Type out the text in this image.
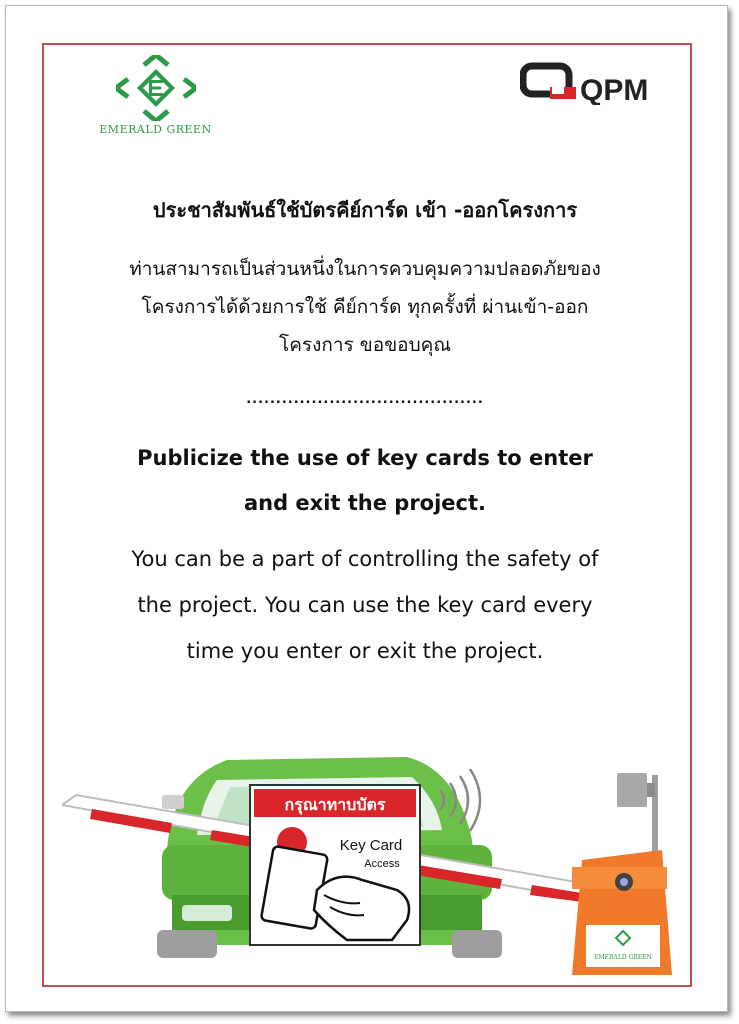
EMERALD GREEN
QPM
ประชาสัมพันธ์ใช้บัตรคีย์การ์ด เข้า -ออกโครงการ
ท่านสามารถเป็นส่วนหนึ่งในการควบคุมความปลอดภัยของ
โครงการได้ด้วยการใช้ คีย์การ์ด ทุกครั้งที่ ผ่านเข้า-ออก
โครงการ ขอขอบคุณ
........................................
Publicize the use of key cards to enter
and exit the project.
You can be a part of controlling the safety of
the project. You can use the key card every
time you enter or exit the project.
EMERALD GREEN
กรุณาทาบบัตร
Key Card
Access
